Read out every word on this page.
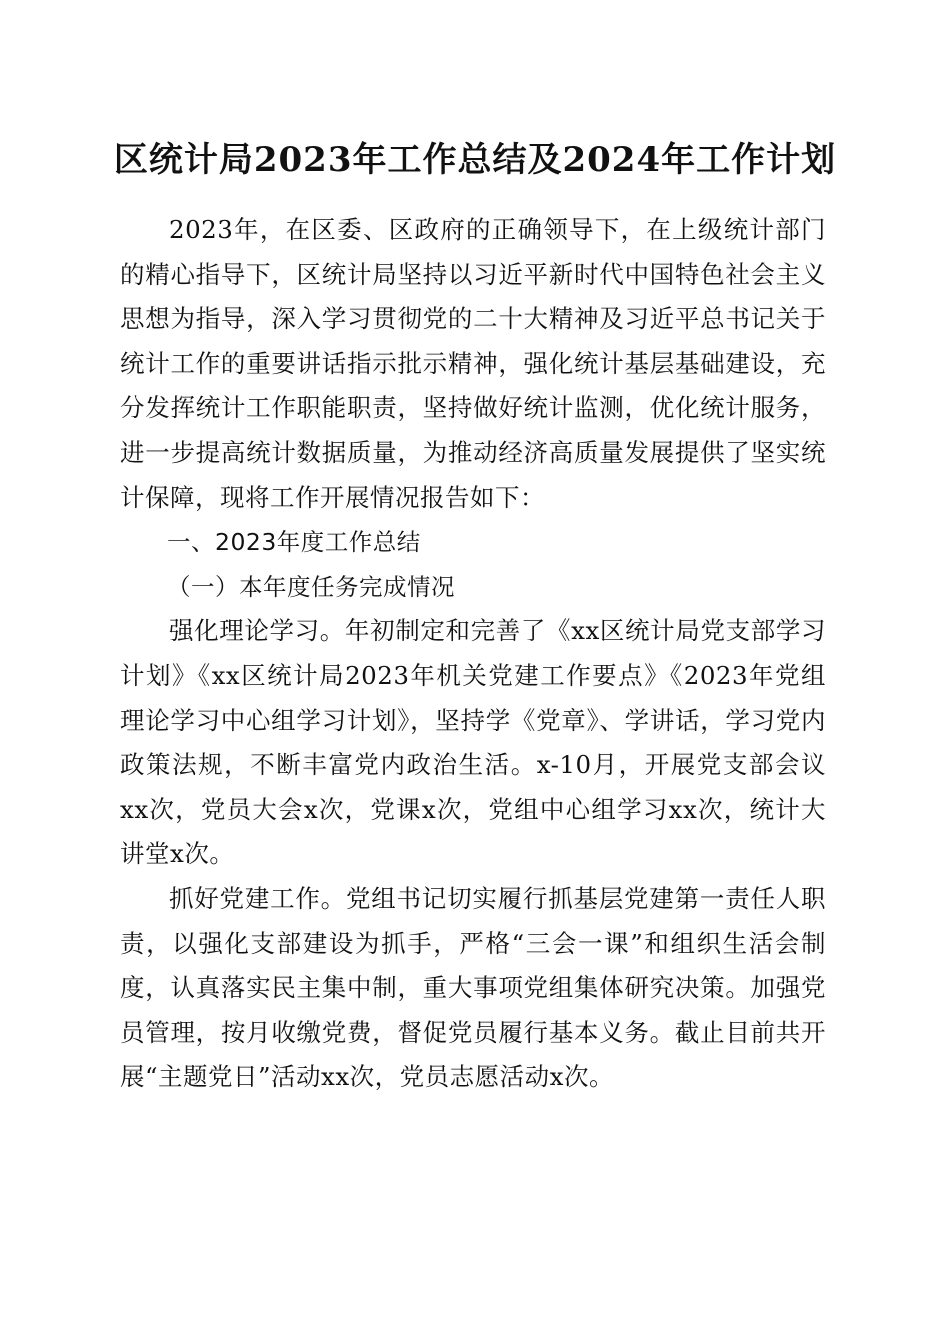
区统计局2023年工作总结及2024年工作计划

2023年，在区委、区政府的正确领导下，在上级统计部门的精心指导下，区统计局坚持以习近平新时代中国特色社会主义思想为指导，深入学习贯彻党的二十大精神及习近平总书记关于统计工作的重要讲话指示批示精神，强化统计基层基础建设，充分发挥统计工作职能职责，坚持做好统计监测，优化统计服务，进一步提高统计数据质量，为推动经济高质量发展提供了坚实统计保障，现将工作开展情况报告如下：

一、2023年度工作总结

（一）本年度任务完成情况

强化理论学习。年初制定和完善了《xx区统计局党支部学习计划》《xx区统计局2023年机关党建工作要点》《2023年党组理论学习中心组学习计划》，坚持学《党章》、学讲话，学习党内政策法规，不断丰富党内政治生活。x-10月，开展党支部会议xx次，党员大会x次，党课x次，党组中心组学习xx次，统计大讲堂x次。

抓好党建工作。党组书记切实履行抓基层党建第一责任人职责，以强化支部建设为抓手，严格“三会一课”和组织生活会制度，认真落实民主集中制，重大事项党组集体研究决策。加强党员管理，按月收缴党费，督促党员履行基本义务。截止目前共开展“主题党日”活动xx次，党员志愿活动x次。
